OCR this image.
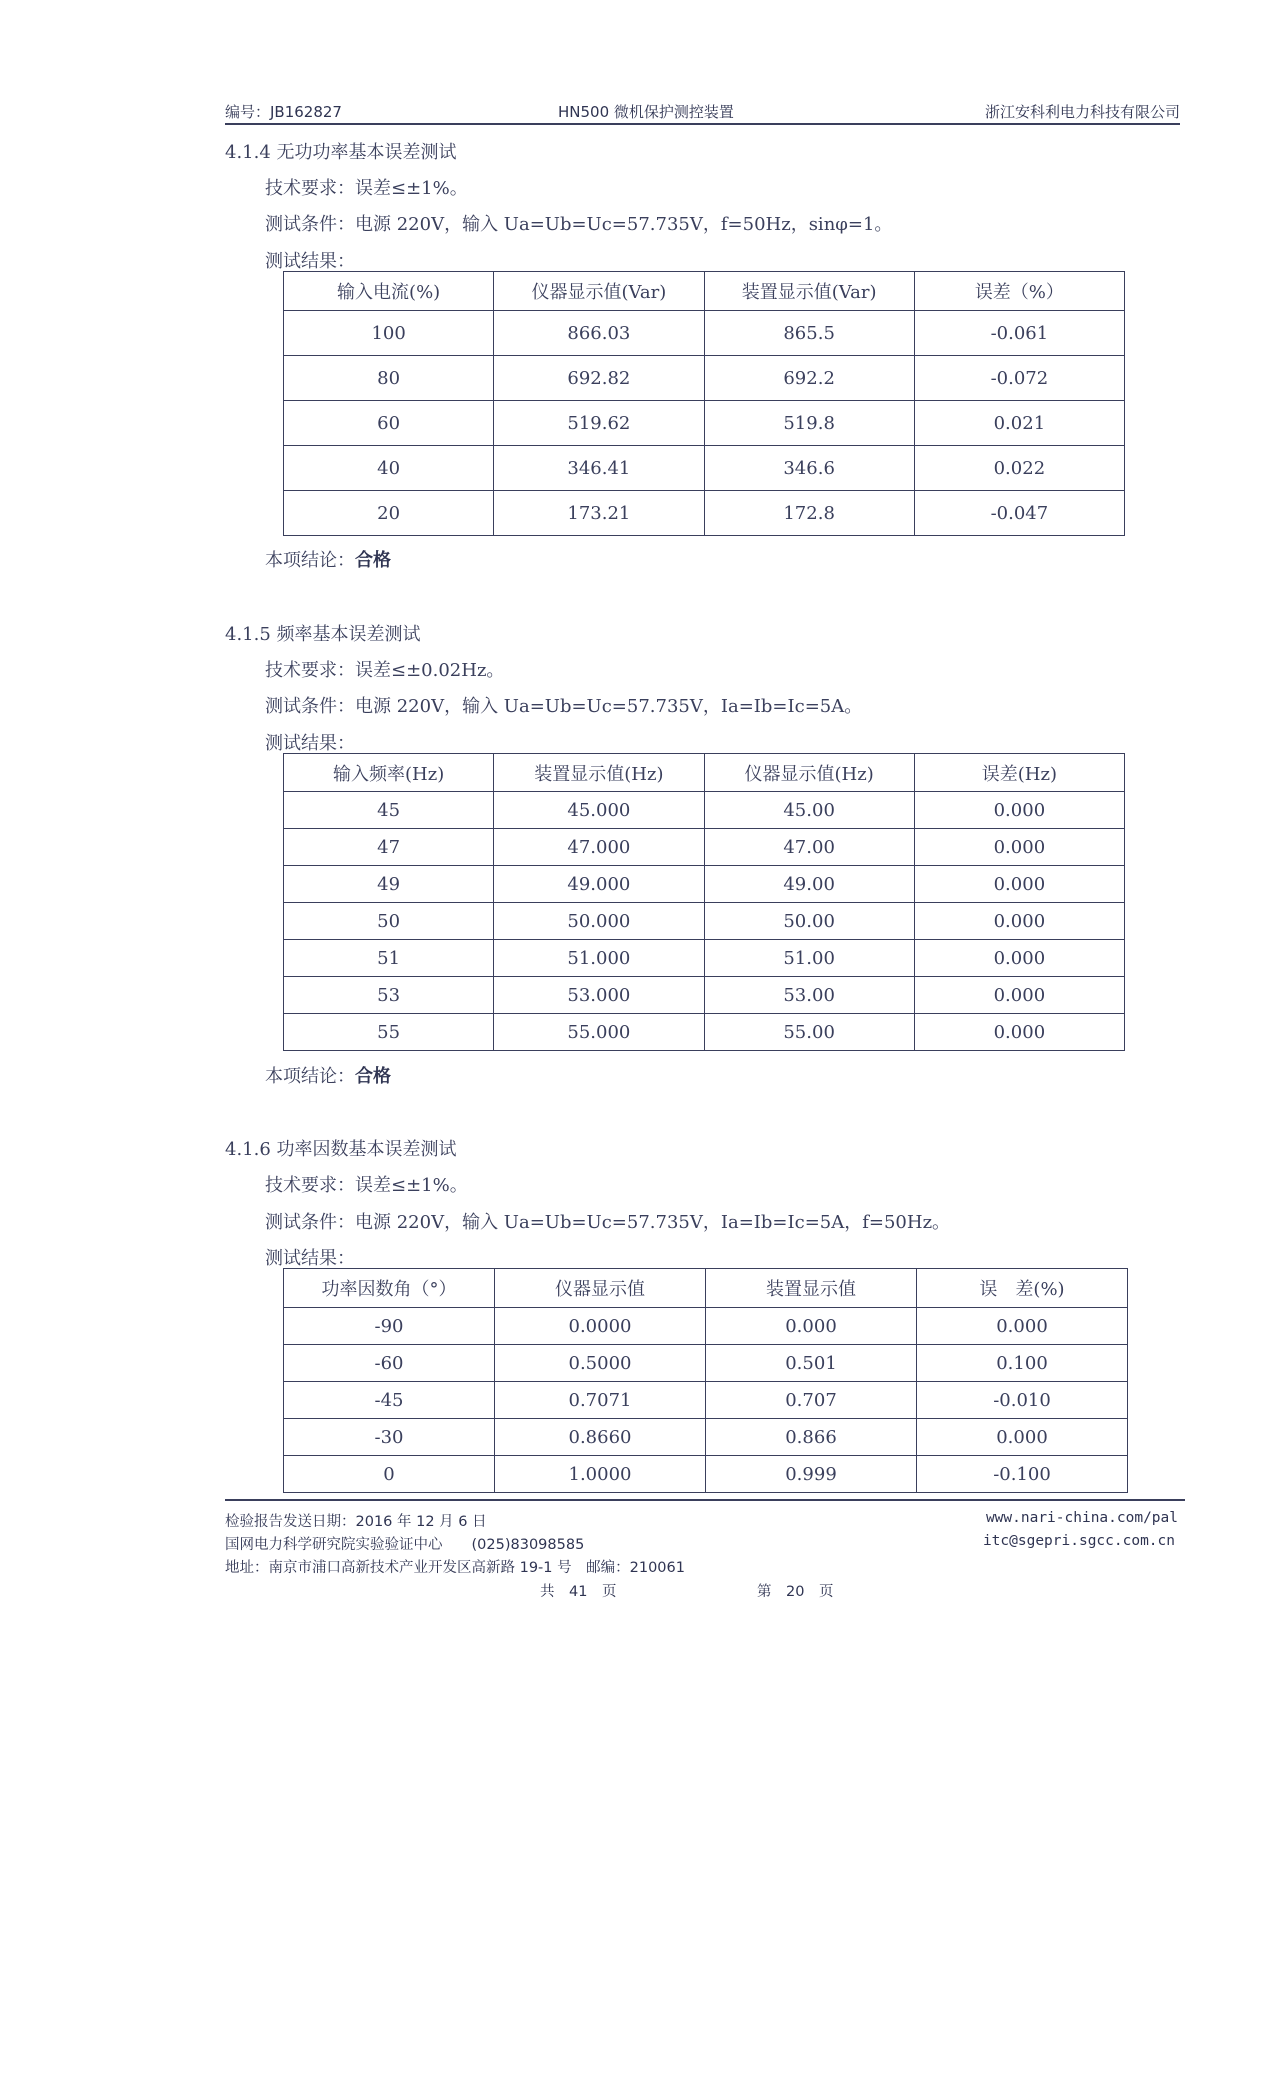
编号：JB162827	HN500 微机保护测控装置	浙江安科利电力科技有限公司
4.1.4 无功功率基本误差测试
技术要求：误差≤±1%。
测试条件：电源 220V，输入 Ua=Ub=Uc=57.735V，f=50Hz，sinφ=1。
测试结果：
输入电流(%)	仪器显示值(Var)	装置显示值(Var)	误差（%）
100	866.03	865.5	-0.061
80	692.82	692.2	-0.072
60	519.62	519.8	0.021
40	346.41	346.6	0.022
20	173.21	172.8	-0.047
本项结论：合格
4.1.5 频率基本误差测试
技术要求：误差≤±0.02Hz。
测试条件：电源 220V，输入 Ua=Ub=Uc=57.735V，Ia=Ib=Ic=5A。
测试结果：
输入频率(Hz)	装置显示值(Hz)	仪器显示值(Hz)	误差(Hz)
45	45.000	45.00	0.000
47	47.000	47.00	0.000
49	49.000	49.00	0.000
50	50.000	50.00	0.000
51	51.000	51.00	0.000
53	53.000	53.00	0.000
55	55.000	55.00	0.000
本项结论：合格
4.1.6 功率因数基本误差测试
技术要求：误差≤±1%。
测试条件：电源 220V，输入 Ua=Ub=Uc=57.735V，Ia=Ib=Ic=5A，f=50Hz。
测试结果：
功率因数角（°）	仪器显示值	装置显示值	误　差(%)
-90	0.0000	0.000	0.000
-60	0.5000	0.501	0.100
-45	0.7071	0.707	-0.010
-30	0.8660	0.866	0.000
0	1.0000	0.999	-0.100
检验报告发送日期：2016 年 12 月 6 日
国网电力科学研究院实验验证中心　　(025)83098585
地址：南京市浦口高新技术产业开发区高新路 19-1 号　邮编：210061
www.nari-china.com/pal
itc@sgepri.sgcc.com.cn
共　41　页	第　20　页
